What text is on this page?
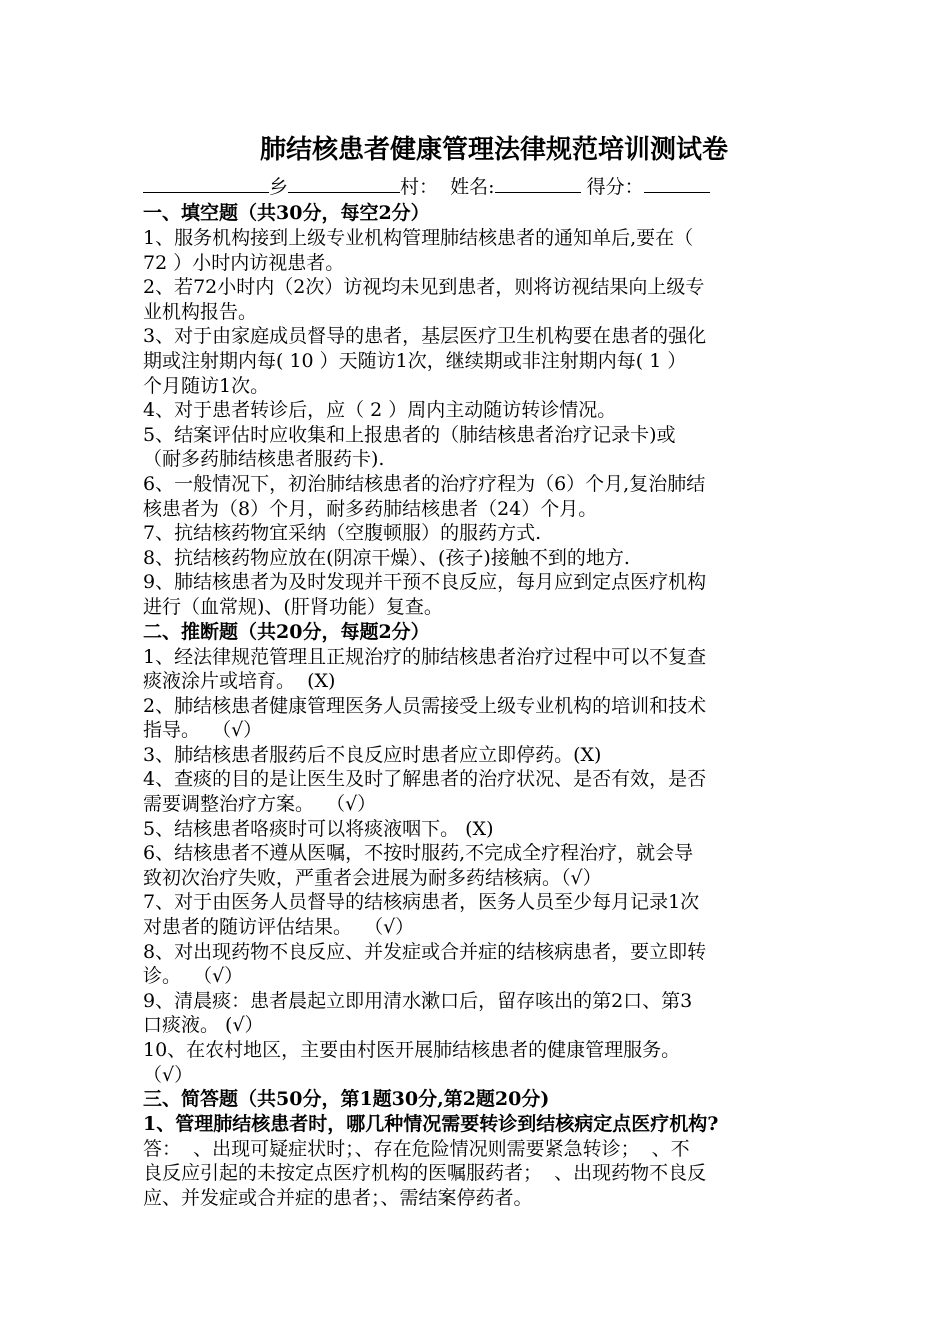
肺结核患者健康管理法律规范培训测试卷

乡	村： 姓名:	得分：

一、填空题（共30分，每空2分）

1、服务机构接到上级专业机构管理肺结核患者的通知单后,要在（

72 ）小时内访视患者。

2、若72小时内（2次）访视均未见到患者，则将访视结果向上级专

业机构报告。

3、对于由家庭成员督导的患者，基层医疗卫生机构要在患者的强化

期或注射期内每( 10 ）天随访1次，继续期或非注射期内每( 1 ）

个月随访1次。

4、对于患者转诊后，应（ 2 ）周内主动随访转诊情况。

5、结案评估时应收集和上报患者的（肺结核患者治疗记录卡)或

（耐多药肺结核患者服药卡).

6、一般情况下，初治肺结核患者的治疗疗程为（6）个月,复治肺结

核患者为（8）个月，耐多药肺结核患者（24）个月。

7、抗结核药物宜采纳（空腹顿服）的服药方式.

8、抗结核药物应放在(阴凉干燥）、(孩子)接触不到的地方.

9、肺结核患者为及时发现并干预不良反应，每月应到定点医疗机构

进行（血常规)、(肝肾功能）复查。

二、推断题（共20分，每题2分）

1、经法律规范管理且正规治疗的肺结核患者治疗过程中可以不复查

痰液涂片或培育。  (X)

2、肺结核患者健康管理医务人员需接受上级专业机构的培训和技术

指导。  （√）

3、肺结核患者服药后不良反应时患者应立即停药。(X)

4、查痰的目的是让医生及时了解患者的治疗状况、是否有效，是否

需要调整治疗方案。  （√）

5、结核患者咯痰时可以将痰液咽下。 (X)

6、结核患者不遵从医嘱，不按时服药,不完成全疗程治疗，就会导

致初次治疗失败，严重者会进展为耐多药结核病。（√）

7、对于由医务人员督导的结核病患者，医务人员至少每月记录1次

对患者的随访评估结果。  （√）

8、对出现药物不良反应、并发症或合并症的结核病患者，要立即转

诊。  （√）

9、清晨痰：患者晨起立即用清水漱口后，留存咳出的第2口、第3

口痰液。 (√）

10、在农村地区，主要由村医开展肺结核患者的健康管理服务。

（√）

三、简答题（共50分，第1题30分,第2题20分)

1、管理肺结核患者时，哪几种情况需要转诊到结核病定点医疗机构?

答：  、出现可疑症状时；、存在危险情况则需要紧急转诊；  、不

良反应引起的未按定点医疗机构的医嘱服药者；  、出现药物不良反

应、并发症或合并症的患者；、需结案停药者。
